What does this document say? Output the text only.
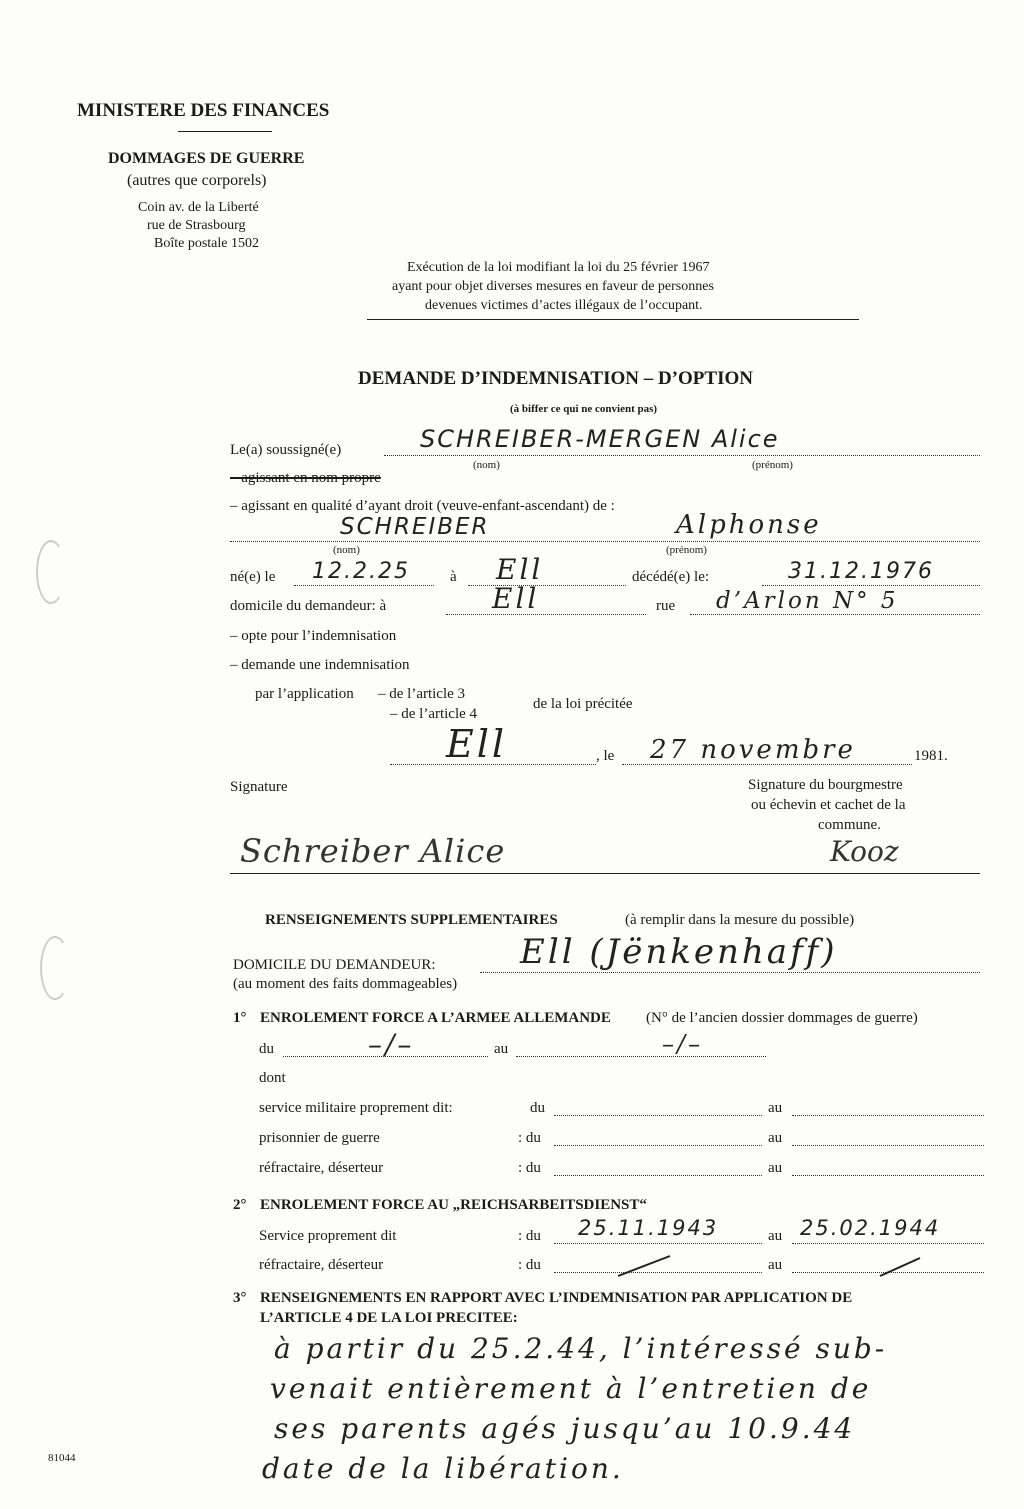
MINISTERE DES FINANCES
DOMMAGES DE GUERRE
(autres que corporels)
Coin av. de la Liberté
rue de Strasbourg
Boîte postale 1502
Exécution de la loi modifiant la loi du 25 février 1967
ayant pour objet diverses mesures en faveur de personnes
devenues victimes d’actes illégaux de l’occupant.
DEMANDE D’INDEMNISATION – D’OPTION
(à biffer ce qui ne convient pas)
Le(a) soussigné(e)	SCHREIBER-MERGEN Alice
(nom)	(prénom)
– agissant en nom propre
– agissant en qualité d’ayant droit (veuve-enfant-ascendant) de :
SCHREIBER	Alphonse
(nom)	(prénom)
né(e) le 12.2.25	à Ell	décédé(e) le:	31.12.1976
domicile du demandeur: à	Ell	rue d’Arlon N° 5
– opte pour l’indemnisation
– demande une indemnisation
par l’application – de l’article 3
– de l’article 4
de la loi précitée
Ell	, le 27 novembre	1981.
Signature	Signature du bourgmestre
ou échevin et cachet de la
commune.
Schreiber Alice	Kooz
RENSEIGNEMENTS SUPPLEMENTAIRES	(à remplir dans la mesure du possible)
DOMICILE DU DEMANDEUR:
(au moment des faits dommageables)
Ell (Jënkenhaff)
1° ENROLEMENT FORCE A L’ARMEE ALLEMANDE (N° de l’ancien dossier dommages de guerre)
du	–/–	au	–/–
dont
service militaire proprement dit:	du	au
prisonnier de guerre	: du	au
réfractaire, déserteur	: du	au
2° ENROLEMENT FORCE AU „REICHSARBEITSDIENST“
Service proprement dit	: du 25.11.1943	au 25.02.1944
réfractaire, déserteur	: du	au
3° RENSEIGNEMENTS EN RAPPORT AVEC L’INDEMNISATION PAR APPLICATION DE
L’ARTICLE 4 DE LA LOI PRECITEE:
à partir du 25.2.44, l’intéressé sub-
venait entièrement à l’entretien de
ses parents agés jusqu’au 10.9.44
date de la libération.
81044
